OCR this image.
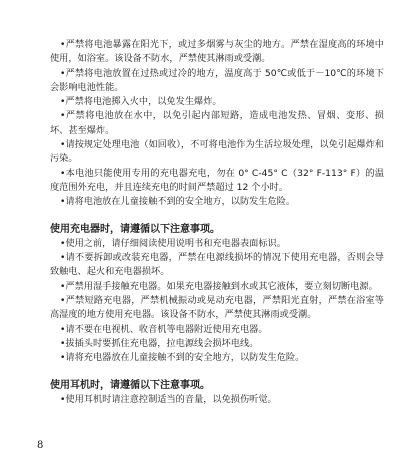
•严禁将电池暴露在阳光下，或过多烟雾与灰尘的地方。严禁在湿度高的环境中使用，如浴室。该设备不防水，严禁使其淋雨或受潮。

•严禁将电池放置在过热或过冷的地方，温度高于 50℃或低于－10℃的环境下会影响电池性能。

•严禁将电池掷入火中，以免发生爆炸。

•严禁将电池放在水中，以免引起内部短路，造成电池发热、冒烟、变形、损坏、甚至爆炸。

•请按规定处理电池（如回收），不可将电池作为生活垃圾处理，以免引起爆炸和污染。

•本电池只能使用专用的充电器充电，勿在 0° C-45° C（32° F-113° F）的温度范围外充电，并且连续充电的时间严禁超过 12 个小时。

•请将电池放在儿童接触不到的安全地方，以防发生危险。

使用充电器时，请遵循以下注意事项。

•使用之前，请仔细阅读使用说明书和充电器表面标识。

•请不要拆卸或改装充电器，严禁在电源线损坏的情况下使用充电器，否则会导致触电、起火和充电器损坏。

•严禁用湿手接触充电器。如果充电器接触到水或其它液体，要立刻切断电源。

•严禁短路充电器，严禁机械振动或晃动充电器，严禁阳光直射，严禁在浴室等高湿度的地方使用充电器。该设备不防水，严禁使其淋雨或受潮。

•请不要在电视机、收音机等电器附近使用充电器。

•拔插头时要抓住充电器，拉电源线会损坏电线。

•请将充电器放在儿童接触不到的安全地方，以防发生危险。

使用耳机时，请遵循以下注意事项。

•使用耳机时请注意控制适当的音量，以免损伤听觉。

8
